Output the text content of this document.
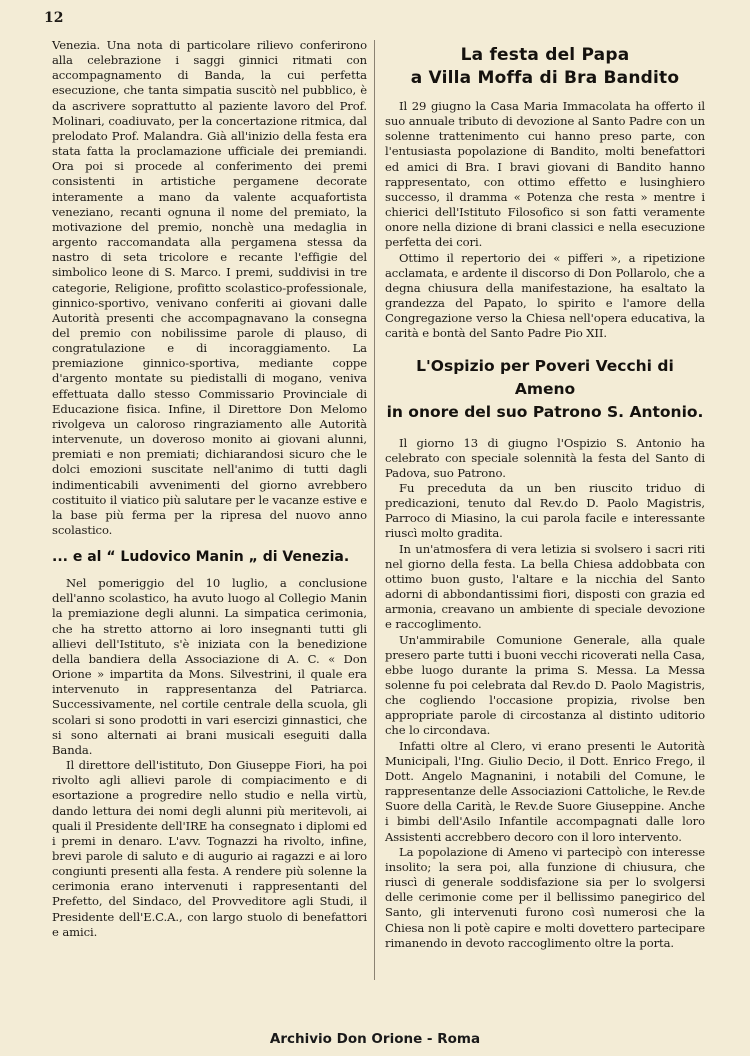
12

Venezia. Una nota di particolare rilievo conferirono alla celebrazione i saggi ginnici ritmati con accompagnamento di Banda, la cui perfetta esecuzione, che tanta simpatia suscitò nel pubblico, è da ascrivere soprattutto al paziente lavoro del Prof. Molinari, coadiuvato, per la concertazione ritmica, dal prelodato Prof. Malandra. Già all'inizio della festa era stata fatta la proclamazione ufficiale dei premiandi. Ora poi si procede al conferimento dei premi consistenti in artistiche pergamene decorate interamente a mano da valente acquafortista veneziano, recanti ognuna il nome del premiato, la motivazione del premio, nonchè una medaglia in argento raccomandata alla pergamena stessa da nastro di seta tricolore e recante l'effigie del simbolico leone di S. Marco. I premi, suddivisi in tre categorie, Religione, profitto scolastico-professionale, ginnico-sportivo, venivano conferiti ai giovani dalle Autorità presenti che accompagnavano la consegna del premio con nobilissime parole di plauso, di congratulazione e di incoraggiamento. La premiazione ginnico-sportiva, mediante coppe d'argento montate su piedistalli di mogano, veniva effettuata dallo stesso Commissario Provinciale di Educazione fisica. Infine, il Direttore Don Melomo rivolgeva un caloroso ringraziamento alle Autorità intervenute, un doveroso monito ai giovani alunni, premiati e non premiati; dichiarandosi sicuro che le dolci emozioni suscitate nell'animo di tutti dagli indimenticabili avvenimenti del giorno avrebbero costituito il viatico più salutare per le vacanze estive e la base più ferma per la ripresa del nuovo anno scolastico.

... e al “ Ludovico Manin „ di Venezia.

Nel pomeriggio del 10 luglio, a conclusione dell'anno scolastico, ha avuto luogo al Collegio Manin la premiazione degli alunni. La simpatica cerimonia, che ha stretto attorno ai loro insegnanti tutti gli allievi dell'Istituto, s'è iniziata con la benedizione della bandiera della Associazione di A. C. « Don Orione » impartita da Mons. Silvestrini, il quale era intervenuto in rappresentanza del Patriarca. Successivamente, nel cortile centrale della scuola, gli scolari si sono prodotti in vari esercizi ginnastici, che si sono alternati ai brani musicali eseguiti dalla Banda.

Il direttore dell'istituto, Don Giuseppe Fiori, ha poi rivolto agli allievi parole di compiacimento e di esortazione a progredire nello studio e nella virtù, dando lettura dei nomi degli alunni più meritevoli, ai quali il Presidente dell'IRE ha consegnato i diplomi ed i premi in denaro. L'avv. Tognazzi ha rivolto, infine, brevi parole di saluto e di augurio ai ragazzi e ai loro congiunti presenti alla festa. A rendere più solenne la cerimonia erano intervenuti i rappresentanti del Prefetto, del Sindaco, del Provveditore agli Studi, il Presidente dell'E.C.A., con largo stuolo di benefattori e amici.

La festa del Papa
a Villa Moffa di Bra Bandito

Il 29 giugno la Casa Maria Immacolata ha offerto il suo annuale tributo di devozione al Santo Padre con un solenne trattenimento cui hanno preso parte, con l'entusiasta popolazione di Bandito, molti benefattori ed amici di Bra. I bravi giovani di Bandito hanno rappresentato, con ottimo effetto e lusinghiero successo, il dramma « Potenza che resta » mentre i chierici dell'Istituto Filosofico si son fatti veramente onore nella dizione di brani classici e nella esecuzione perfetta dei cori.

Ottimo il repertorio dei « pifferi », a ripetizione acclamata, e ardente il discorso di Don Pollarolo, che a degna chiusura della manifestazione, ha esaltato la grandezza del Papato, lo spirito e l'amore della Congregazione verso la Chiesa nell'opera educativa, la carità e bontà del Santo Padre Pio XII.

L'Ospizio per Poveri Vecchi di Ameno
in onore del suo Patrono S. Antonio.

Il giorno 13 di giugno l'Ospizio S. Antonio ha celebrato con speciale solennità la festa del Santo di Padova, suo Patrono.

Fu preceduta da un ben riuscito triduo di predicazioni, tenuto dal Rev.do D. Paolo Magistris, Parroco di Miasino, la cui parola facile e interessante riuscì molto gradita.

In un'atmosfera di vera letizia si svolsero i sacri riti nel giorno della festa. La bella Chiesa addobbata con ottimo buon gusto, l'altare e la nicchia del Santo adorni di abbondantissimi fiori, disposti con grazia ed armonia, creavano un ambiente di speciale devozione e raccoglimento.

Un'ammirabile Comunione Generale, alla quale presero parte tutti i buoni vecchi ricoverati nella Casa, ebbe luogo durante la prima S. Messa. La Messa solenne fu poi celebrata dal Rev.do D. Paolo Magistris, che cogliendo l'occasione propizia, rivolse ben appropriate parole di circostanza al distinto uditorio che lo circondava.

Infatti oltre al Clero, vi erano presenti le Autorità Municipali, l'Ing. Giulio Decio, il Dott. Enrico Frego, il Dott. Angelo Magnanini, i notabili del Comune, le rappresentanze delle Associazioni Cattoliche, le Rev.de Suore della Carità, le Rev.de Suore Giuseppine. Anche i bimbi dell'Asilo Infantile accompagnati dalle loro Assistenti accrebbero decoro con il loro intervento.

La popolazione di Ameno vi partecipò con interesse insolito; la sera poi, alla funzione di chiusura, che riuscì di generale soddisfazione sia per lo svolgersi delle cerimonie come per il bellissimo panegirico del Santo, gli intervenuti furono così numerosi che la Chiesa non li potè capire e molti dovettero partecipare rimanendo in devoto raccoglimento oltre la porta.

Archivio Don Orione - Roma
